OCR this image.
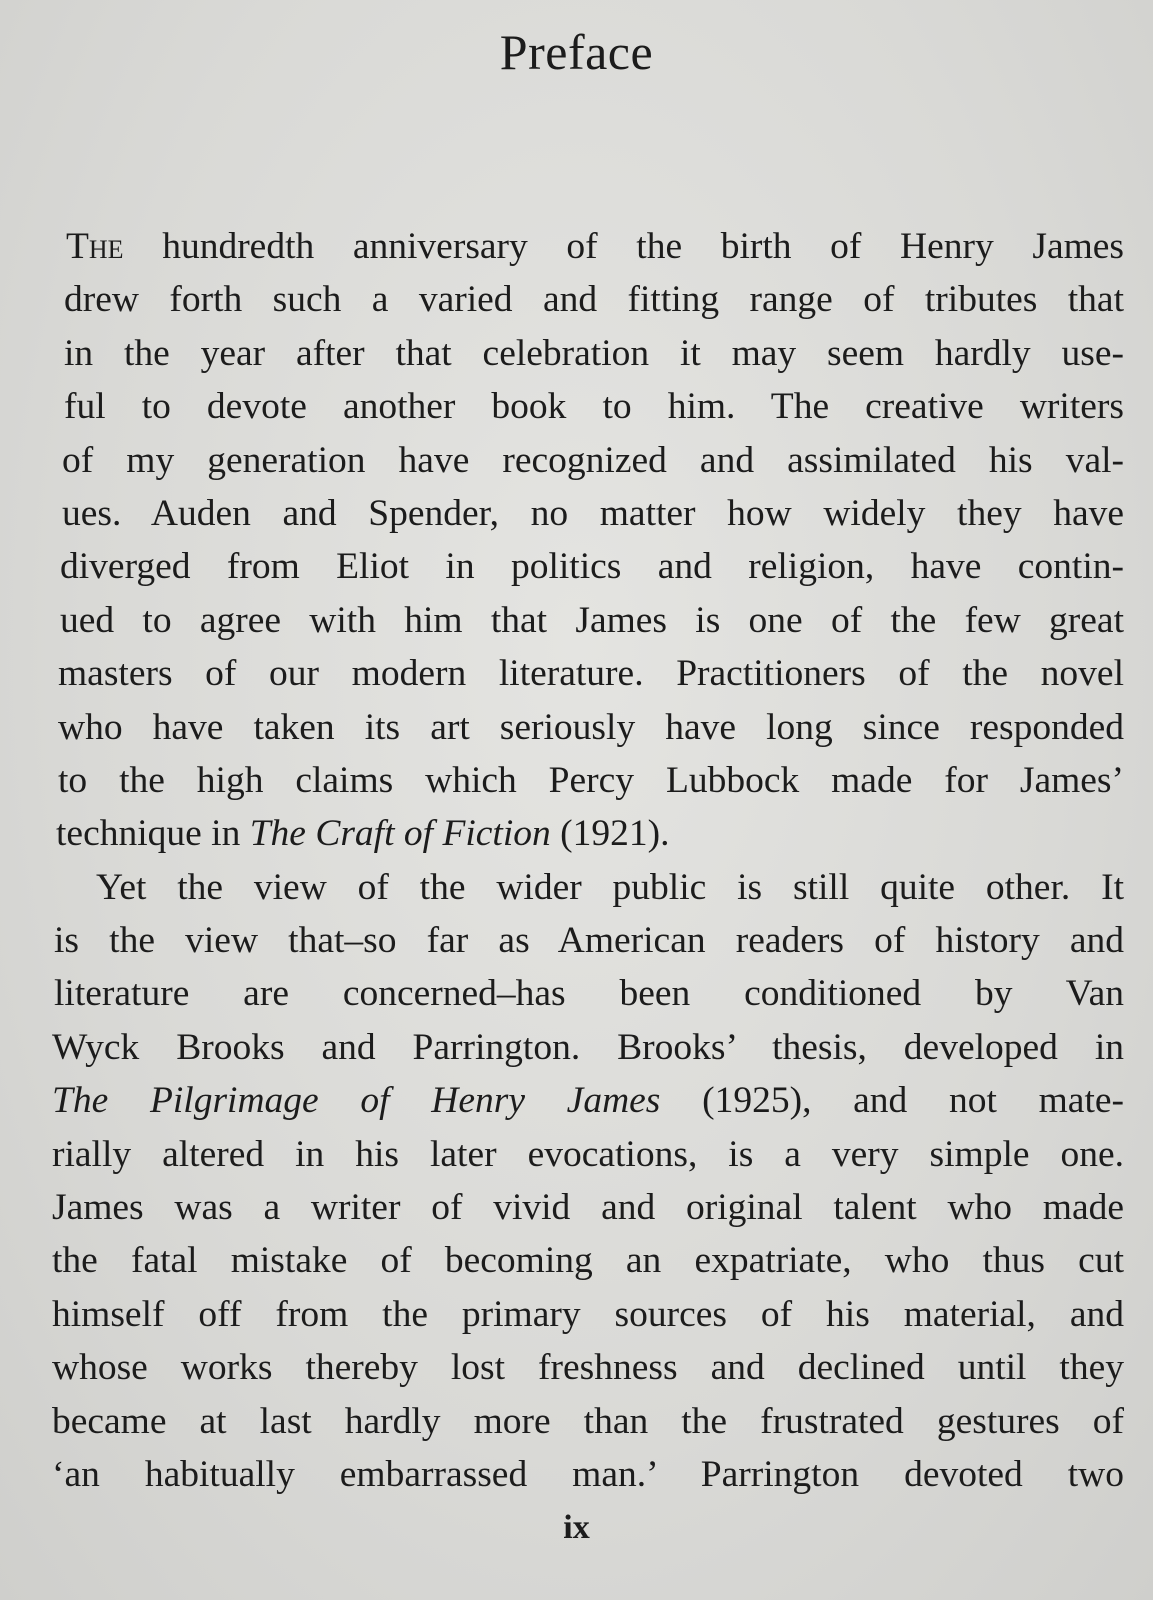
Preface
The hundredth anniversary of the birth of Henry James
drew forth such a varied and fitting range of tributes that
in the year after that celebration it may seem hardly use-
ful to devote another book to him. The creative writers
of my generation have recognized and assimilated his val-
ues. Auden and Spender, no matter how widely they have
diverged from Eliot in politics and religion, have contin-
ued to agree with him that James is one of the few great
masters of our modern literature. Practitioners of the novel
who have taken its art seriously have long since responded
to the high claims which Percy Lubbock made for James’
technique in The Craft of Fiction (1921).
Yet the view of the wider public is still quite other. It
is the view that–so far as American readers of history and
literature are concerned–has been conditioned by Van
Wyck Brooks and Parrington. Brooks’ thesis, developed in
The Pilgrimage of Henry James (1925), and not mate-
rially altered in his later evocations, is a very simple one.
James was a writer of vivid and original talent who made
the fatal mistake of becoming an expatriate, who thus cut
himself off from the primary sources of his material, and
whose works thereby lost freshness and declined until they
became at last hardly more than the frustrated gestures of
‘an habitually embarrassed man.’ Parrington devoted two
ix
